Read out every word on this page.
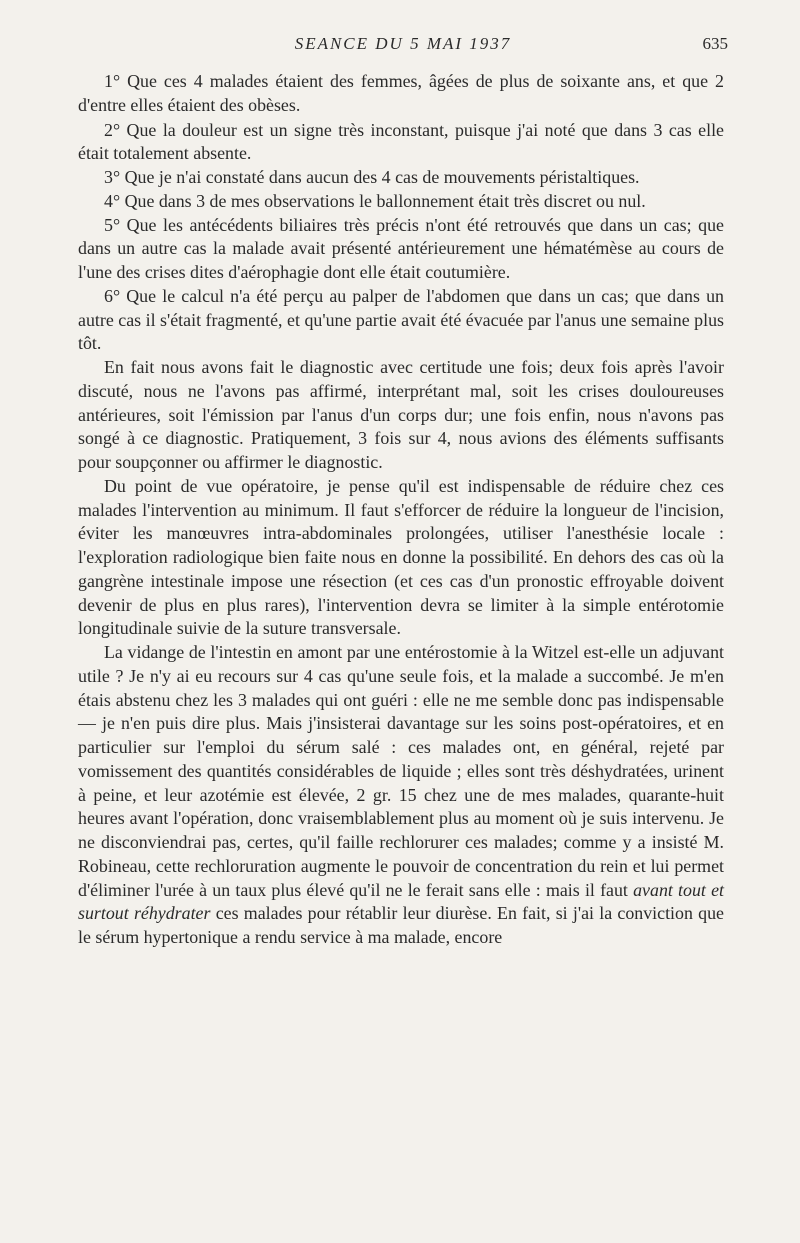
SEANCE DU 5 MAI 1937	635

1° Que ces 4 malades étaient des femmes, âgées de plus de soixante ans, et que 2 d'entre elles étaient des obèses.

2° Que la douleur est un signe très inconstant, puisque j'ai noté que dans 3 cas elle était totalement absente.

3° Que je n'ai constaté dans aucun des 4 cas de mouvements péristaltiques.

4° Que dans 3 de mes observations le ballonnement était très discret ou nul.

5° Que les antécédents biliaires très précis n'ont été retrouvés que dans un cas; que dans un autre cas la malade avait présenté antérieurement une hématémèse au cours de l'une des crises dites d'aérophagie dont elle était coutumière.

6° Que le calcul n'a été perçu au palper de l'abdomen que dans un cas; que dans un autre cas il s'était fragmenté, et qu'une partie avait été évacuée par l'anus une semaine plus tôt.

En fait nous avons fait le diagnostic avec certitude une fois; deux fois après l'avoir discuté, nous ne l'avons pas affirmé, interprétant mal, soit les crises douloureuses antérieures, soit l'émission par l'anus d'un corps dur; une fois enfin, nous n'avons pas songé à ce diagnostic. Pratiquement, 3 fois sur 4, nous avions des éléments suffisants pour soupçonner ou affirmer le diagnostic.

Du point de vue opératoire, je pense qu'il est indispensable de réduire chez ces malades l'intervention au minimum. Il faut s'efforcer de réduire la longueur de l'incision, éviter les manœuvres intra-abdominales prolongées, utiliser l'anesthésie locale : l'exploration radiologique bien faite nous en donne la possibilité. En dehors des cas où la gangrène intestinale impose une résection (et ces cas d'un pronostic effroyable doivent devenir de plus en plus rares), l'intervention devra se limiter à la simple entérotomie longitudinale suivie de la suture transversale.

La vidange de l'intestin en amont par une entérostomie à la Witzel est-elle un adjuvant utile ? Je n'y ai eu recours sur 4 cas qu'une seule fois, et la malade a succombé. Je m'en étais abstenu chez les 3 malades qui ont guéri : elle ne me semble donc pas indispensable — je n'en puis dire plus. Mais j'insisterai davantage sur les soins post-opératoires, et en particulier sur l'emploi du sérum salé : ces malades ont, en général, rejeté par vomissement des quantités considérables de liquide ; elles sont très déshydratées, urinent à peine, et leur azotémie est élevée, 2 gr. 15 chez une de mes malades, quarante-huit heures avant l'opération, donc vraisemblablement plus au moment où je suis intervenu. Je ne disconviendrai pas, certes, qu'il faille rechlorurer ces malades; comme y a insisté M. Robineau, cette rechloruration augmente le pouvoir de concentration du rein et lui permet d'éliminer l'urée à un taux plus élevé qu'il ne le ferait sans elle : mais il faut avant tout et surtout réhydrater ces malades pour rétablir leur diurèse. En fait, si j'ai la conviction que le sérum hypertonique a rendu service à ma malade, encore
